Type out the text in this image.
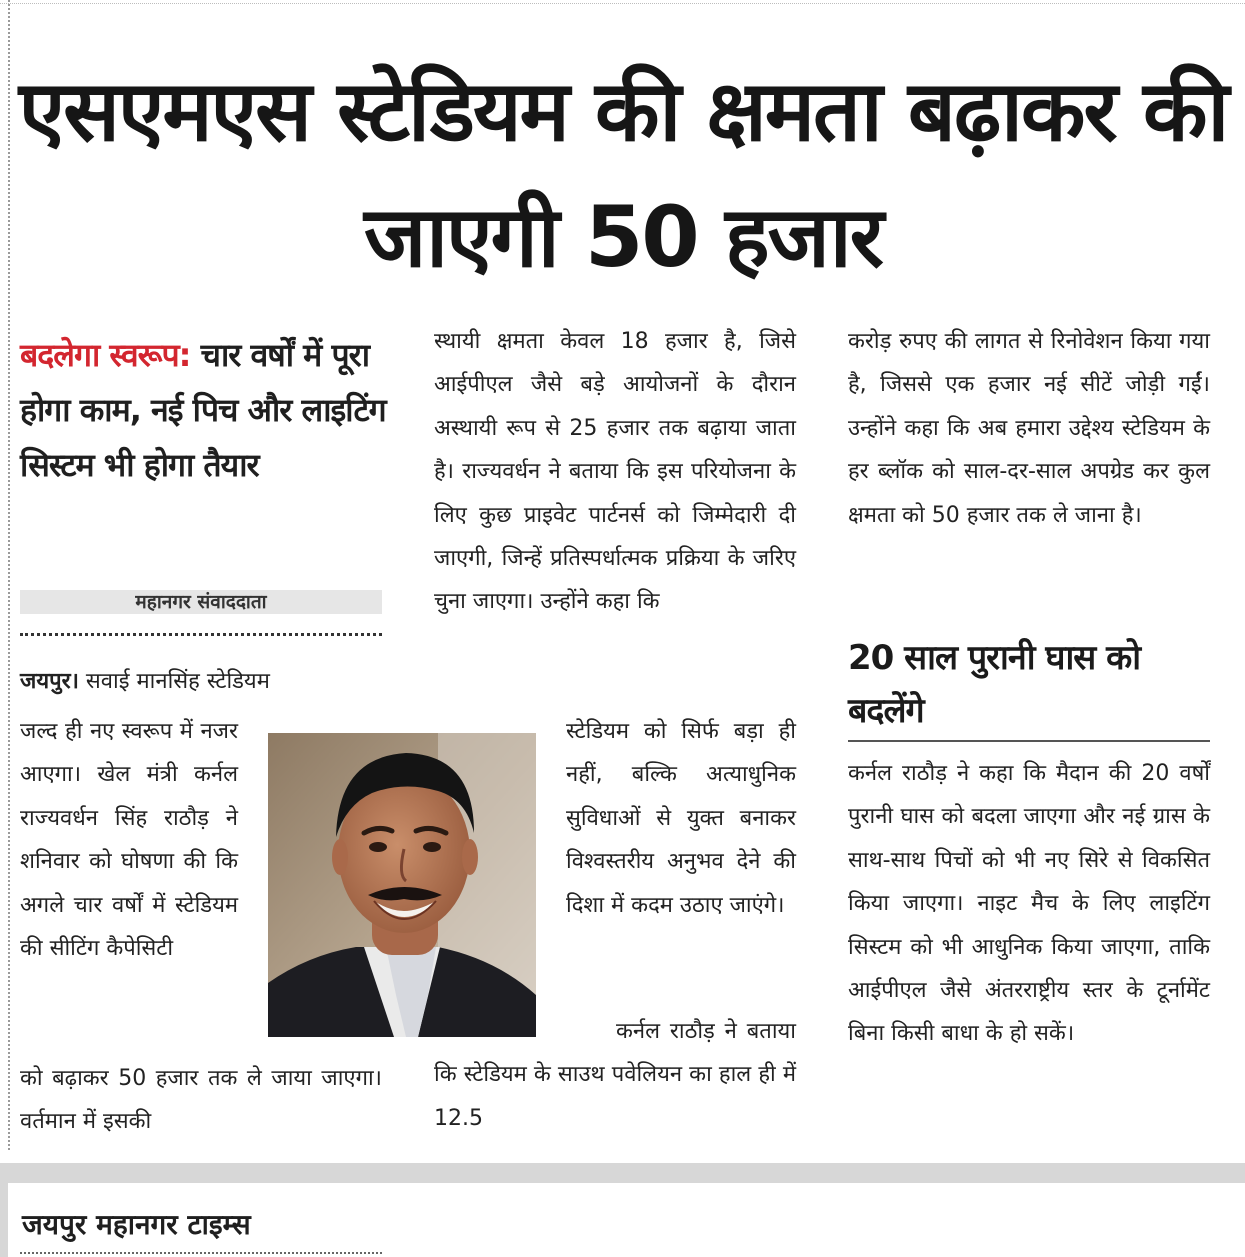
एसएमएस स्टेडियम की क्षमता बढ़ाकर की जाएगी 50 हजार

बदलेगा स्वरूप: चार वर्षों में पूरा होगा काम, नई पिच और लाइटिंग सिस्टम भी होगा तैयार

महानगर संवाददाता

जयपुर। सवाई मानसिंह स्टेडियम

जल्द ही नए स्वरूप में नजर आएगा। खेल मंत्री कर्नल राज्यवर्धन सिंह राठौड़ ने शनिवार को घोषणा की कि अगले चार वर्षों में स्टेडियम की सीटिंग कैपेसिटी

को बढ़ाकर 50 हजार तक ले जाया जाएगा। वर्तमान में इसकी

स्थायी क्षमता केवल 18 हजार है, जिसे आईपीएल जैसे बड़े आयोजनों के दौरान अस्थायी रूप से 25 हजार तक बढ़ाया जाता है। राज्यवर्धन ने बताया कि इस परियोजना के लिए कुछ प्राइवेट पार्टनर्स को जिम्मेदारी दी जाएगी, जिन्हें प्रतिस्पर्धात्मक प्रक्रिया के जरिए चुना जाएगा। उन्होंने कहा कि

स्टेडियम को सिर्फ बड़ा ही नहीं, बल्कि अत्याधुनिक सुविधाओं से युक्त बनाकर विश्वस्तरीय अनुभव देने की दिशा में कदम उठाए जाएंगे।

कर्नल राठौड़ ने बताया कि स्टेडियम के साउथ पवेलियन का हाल ही में 12.5

करोड़ रुपए की लागत से रिनोवेशन किया गया है, जिससे एक हजार नई सीटें जोड़ी गईं। उन्होंने कहा कि अब हमारा उद्देश्य स्टेडियम के हर ब्लॉक को साल-दर-साल अपग्रेड कर कुल क्षमता को 50 हजार तक ले जाना है।

20 साल पुरानी घास को बदलेंगे

कर्नल राठौड़ ने कहा कि मैदान की 20 वर्षों पुरानी घास को बदला जाएगा और नई ग्रास के साथ-साथ पिचों को भी नए सिरे से विकसित किया जाएगा। नाइट मैच के लिए लाइटिंग सिस्टम को भी आधुनिक किया जाएगा, ताकि आईपीएल जैसे अंतरराष्ट्रीय स्तर के टूर्नामेंट बिना किसी बाधा के हो सकें।

जयपुर महानगर टाइम्स
